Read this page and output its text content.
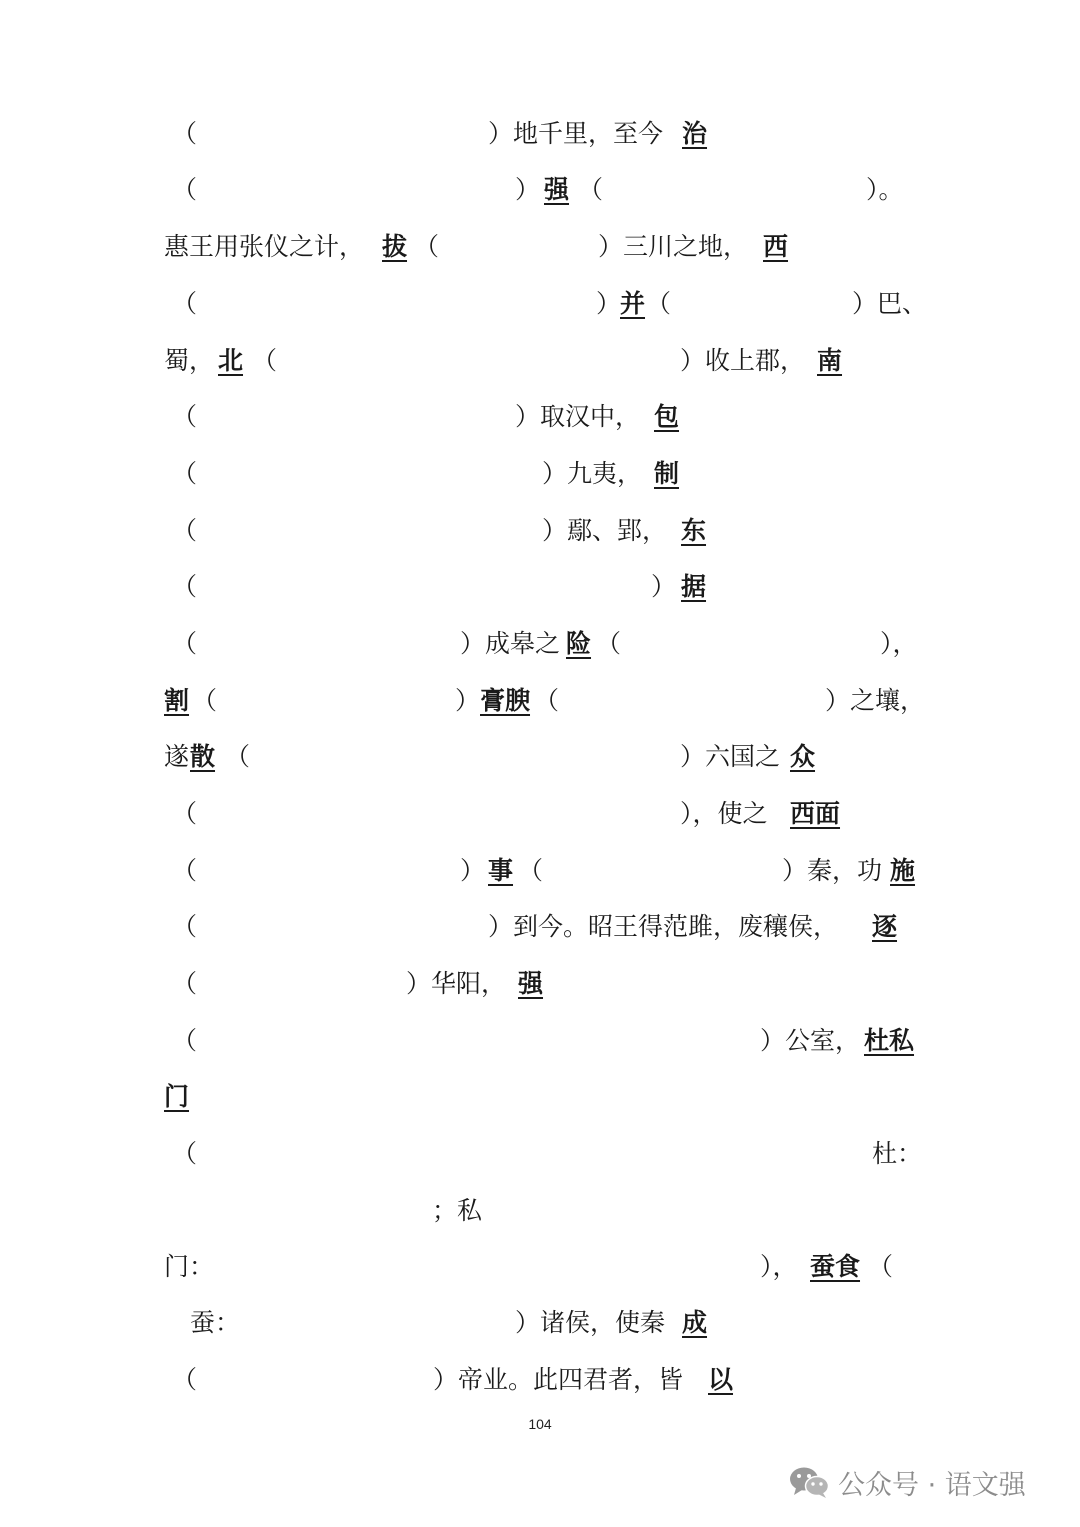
（	）地千里，至今 治
（	） 强 （	）。
惠王用张仪之计， 拔 （	）三川之地， 西
（	）
并 （	）巴、
蜀， 北 （	）收上郡， 南
（	）取汉中， 包
（	）九夷， 制
（	）鄢、郢， 东
（	） 据
（	）成皋之 险 （	），
割 （	） 膏腴 （	）之壤，
遂 散 （	）六国之 众
（	），使之 西面
（	） 事 （	）秦，功 施
（	）到今。昭王得范雎，废穰侯， 逐
（	）华阳， 强
（	）公室， 杜私
门
（	杜：
；私
门：	）， 蚕食 （
蚕：	）诸侯，使秦 成
（	）帝业。此四君者，皆 以
104
公众号 · 语文强
